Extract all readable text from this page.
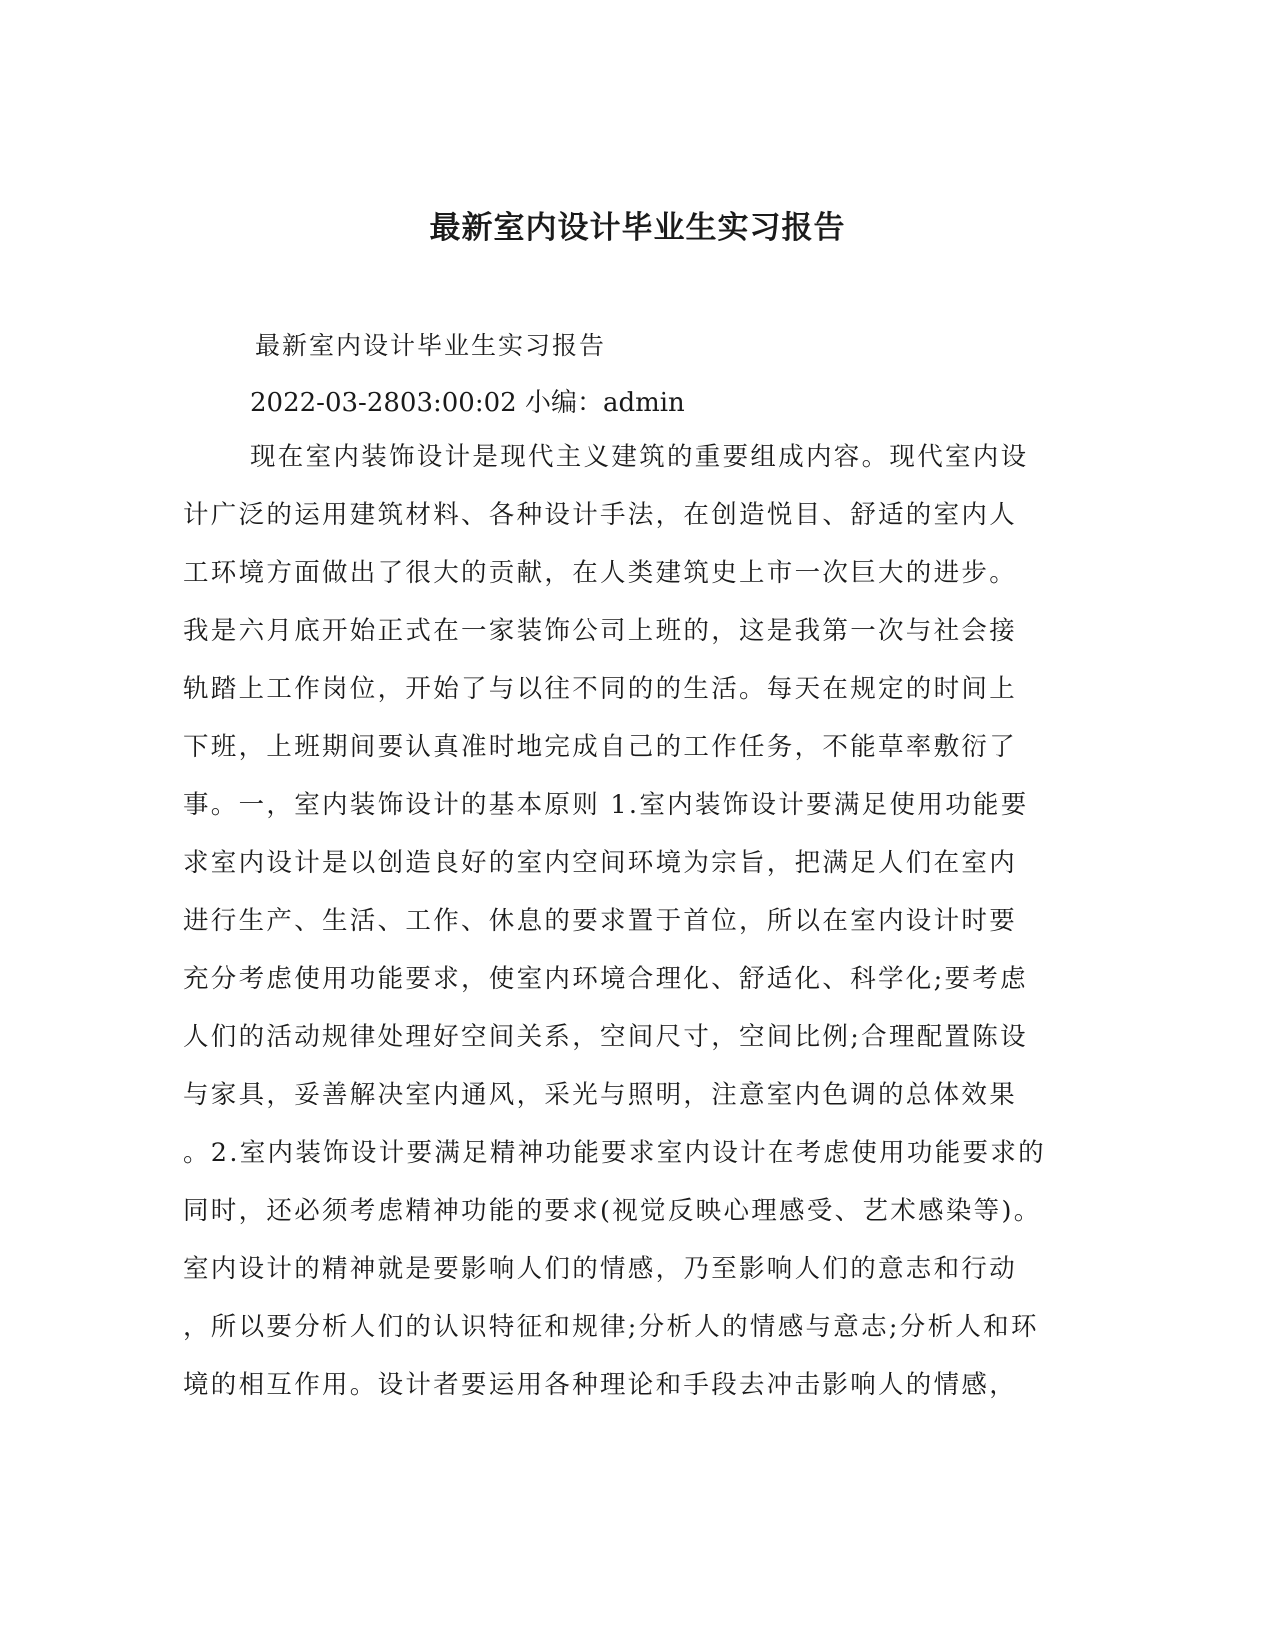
最新室内设计毕业生实习报告

最新室内设计毕业生实习报告

2022-03-2803:00:02 小编：admin

现在室内装饰设计是现代主义建筑的重要组成内容。现代室内设
计广泛的运用建筑材料、各种设计手法，在创造悦目、舒适的室内人
工环境方面做出了很大的贡献，在人类建筑史上市一次巨大的进步。
我是六月底开始正式在一家装饰公司上班的，这是我第一次与社会接
轨踏上工作岗位，开始了与以往不同的的生活。每天在规定的时间上
下班，上班期间要认真准时地完成自己的工作任务，不能草率敷衍了
事。一，室内装饰设计的基本原则 1.室内装饰设计要满足使用功能要
求室内设计是以创造良好的室内空间环境为宗旨，把满足人们在室内
进行生产、生活、工作、休息的要求置于首位，所以在室内设计时要
充分考虑使用功能要求，使室内环境合理化、舒适化、科学化;要考虑
人们的活动规律处理好空间关系，空间尺寸，空间比例;合理配置陈设
与家具，妥善解决室内通风，采光与照明，注意室内色调的总体效果
。2.室内装饰设计要满足精神功能要求室内设计在考虑使用功能要求的
同时，还必须考虑精神功能的要求(视觉反映心理感受、艺术感染等)。
室内设计的精神就是要影响人们的情感，乃至影响人们的意志和行动
，所以要分析人们的认识特征和规律;分析人的情感与意志;分析人和环
境的相互作用。设计者要运用各种理论和手段去冲击影响人的情感，
